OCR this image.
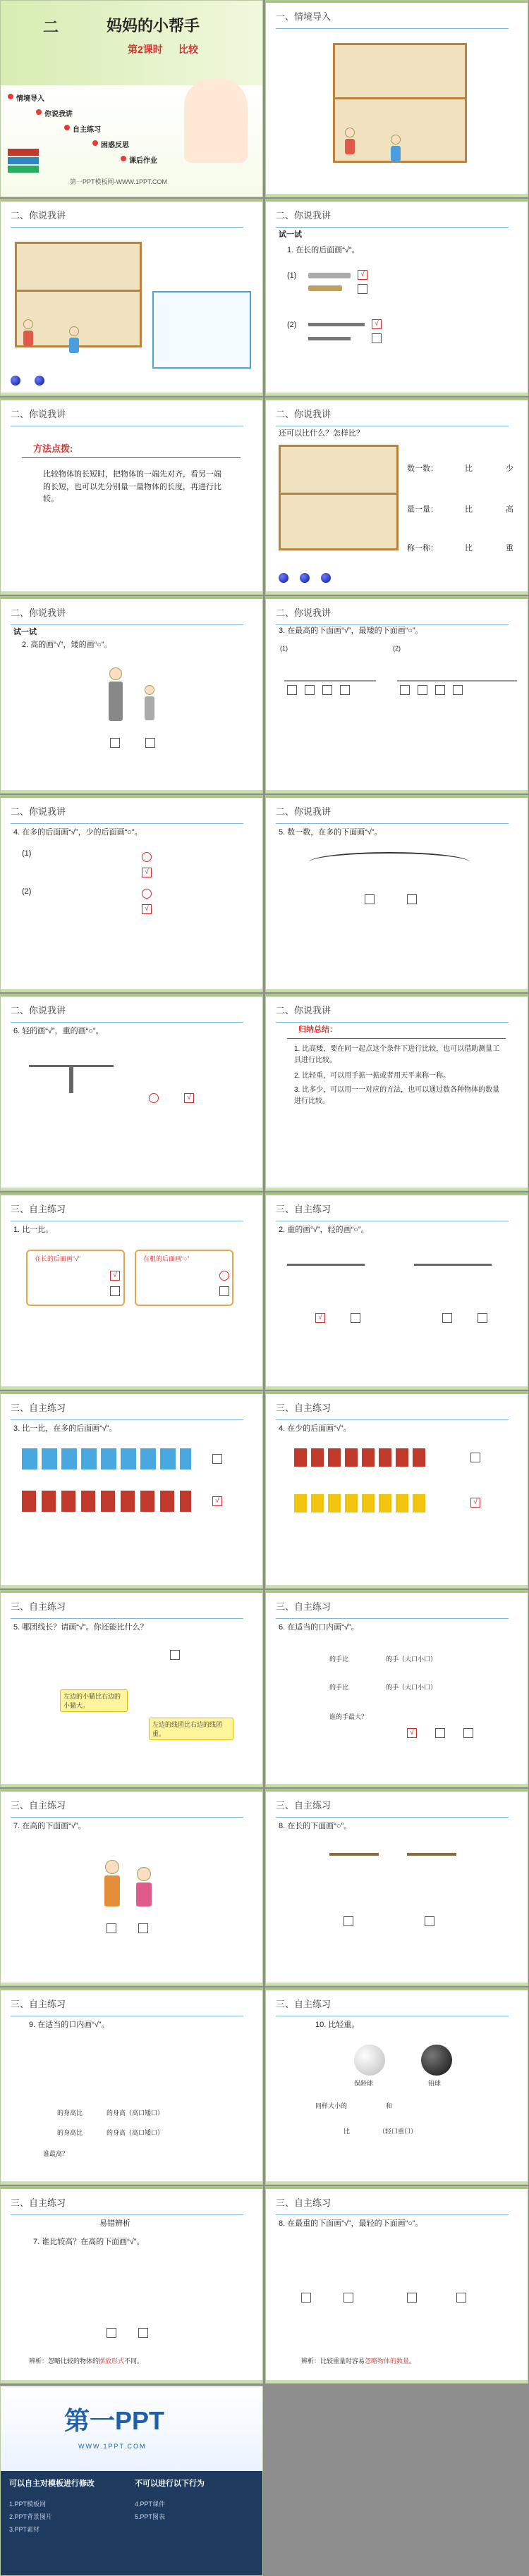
二	妈妈的小帮手
第2课时 比较
情境导入
你说我讲
自主练习
困惑反思
课后作业
第一PPT模板网-WWW.1PPT.COM
一、情境导入
二、你说我讲	二、你说我讲
试一试
1. 在长的后面画“√”。
(1)	√
(2)	√
二、你说我讲
方法点拨:
比较物体的长短时，把物体的一端先对齐，看另一端的长短，也可以先分别量一量物体的长度，再进行比较。
二、你说我讲
还可以比什么？怎样比？
数一数：	比	少
量一量：	比	高
称一称：	比	重
二、你说我讲
试一试
2. 高的画“√”，矮的画“○”。
二、你说我讲
3. 在最高的下面画“√”，最矮的下面画“○”。
(1)	(2)
二、你说我讲
4. 在多的后面画“√”，少的后面画“○”。
(1)
(2)
√
√
二、你说我讲
5. 数一数，在多的下面画“√”。
二、你说我讲
6. 轻的画“√”，重的画“○”。
√
二、你说我讲
归纳总结：
1. 比高矮，要在同一起点这个条件下进行比较，也可以借助测量工具进行比较。
2. 比轻重，可以用手掂一掂或者用天平来称一称。
3. 比多少，可以用一一对应的方法，也可以通过数各种物体的数量进行比较。
三、自主练习
1. 比一比。
在长的后面画“√”	在粗的后面画“○”
√
三、自主练习
2. 重的画“√”，轻的画“○”。
√
三、自主练习
3. 比一比，在多的后面画“√”。
√
三、自主练习
4. 在少的后面画“√”。
√
三、自主练习
5. 哪团线长？请画“√”。你还能比什么？
左边的小猫比右边的小猫大。
左边的线团比右边的线团重。
三、自主练习
6. 在适当的口内画“√”。
的手比	的手（大口小口）
的手比	的手（大口小口）
谁的手最大？
√
三、自主练习
7. 在高的下面画“√”。
三、自主练习
8. 在长的下面画“○”。
三、自主练习
9. 在适当的口内画“√”。
的身高比	的身高（高口矮口）
的身高比	的身高（高口矮口）
谁最高？
三、自主练习
10. 比轻重。
保龄球	铅球
同样大小的	和
比	（轻口重口）
三、自主练习
易错辨析
7. 谁比较高？在高的下面画“√”。
辨析：忽略比较的物体的摆放形式不同。
三、自主练习
8. 在最重的下面画“√”，最轻的下面画“○”。
辨析：比较重量时容易忽略物体的数量。
第一PPT
WWW.1PPT.COM
可以自主对模板进行修改	不可以进行以下行为
1.PPT模板网
2.PPT背景图片
3.PPT素材
4.PPT课件
5.PPT图表
